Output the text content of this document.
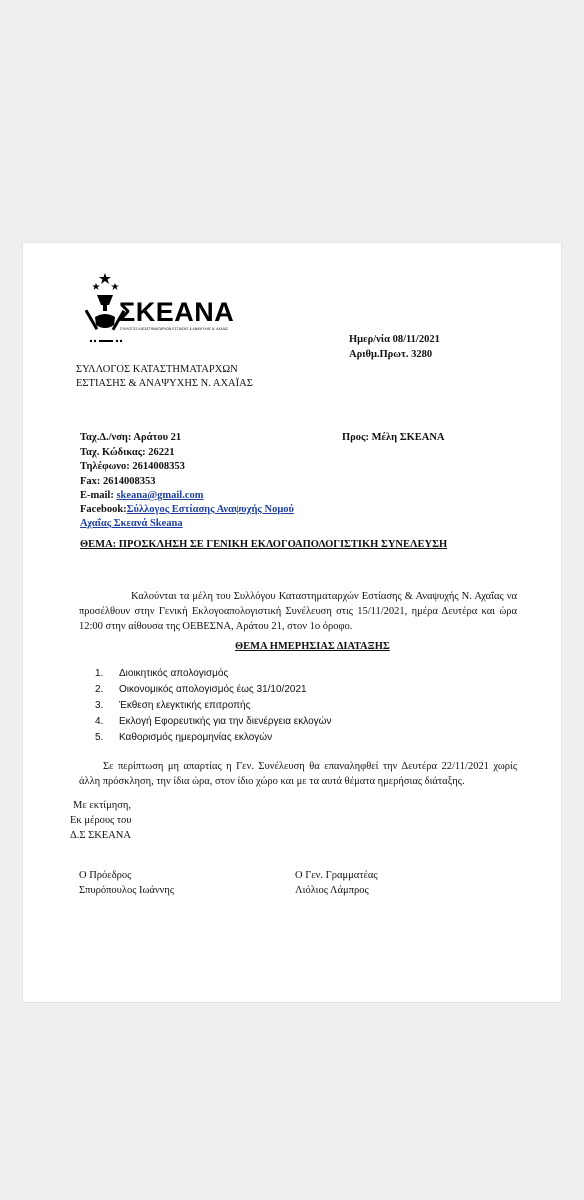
ΣΚΕΑΝΑ
ΣΥΛΛΟΓΟΣ ΚΑΤΑΣΤΗΜΑΤΑΡΧΩΝ ΕΣΤΙΑΣΗΣ & ΑΝΑΨΥΧΗΣ Ν. ΑΧΑΪΑΣ
Ημερ/νία 08/11/2021
Αριθμ.Πρωτ. 3280
ΣΥΛΛΟΓΟΣ ΚΑΤΑΣΤΗΜΑΤΑΡΧΩΝ
ΕΣΤΙΑΣΗΣ & ΑΝΑΨΥΧΗΣ Ν. ΑΧΑΪΑΣ
Ταχ.Δ./νση: Αράτου 21
Ταχ. Κώδικας: 26221
Τηλέφωνο: 2614008353
Fax: 2614008353
E-mail: skeana@gmail.com
Facebook:Σύλλογος Εστίασης Αναψυχής Νομού
Αχαΐας Σκεανά Skeana
Προς: Μέλη ΣΚΕΑΝΑ
ΘΕΜΑ: ΠΡΟΣΚΛΗΣΗ ΣΕ ΓΕΝΙΚΗ ΕΚΛΟΓΟΑΠΟΛΟΓΙΣΤΙΚΗ ΣΥΝΕΛΕΥΣΗ
Καλούνται τα μέλη του Συλλόγου Καταστηματαρχών Εστίασης & Αναψυχής Ν. Αχαΐας να προσέλθουν στην Γενική Εκλογοαπολογιστική Συνέλευση στις 15/11/2021, ημέρα Δευτέρα και ώρα 12:00 στην αίθουσα της ΟΕΒΕΣΝΑ, Αράτου 21, στον 1ο όροφο.
ΘΕΜΑ ΗΜΕΡΗΣΙΑΣ ΔΙΑΤΑΞΗΣ
1. Διοικητικός απολογισμός
2. Οικονομικός απολογισμός έως 31/10/2021
3. Έκθεση ελεγκτικής επιτροπής
4. Εκλογή Εφορευτικής για την διενέργεια εκλογών
5. Καθορισμός ημερομηνίας εκλογών
Σε περίπτωση μη απαρτίας η Γεν. Συνέλευση θα επαναληφθεί την Δευτέρα 22/11/2021 χωρίς άλλη πρόσκληση, την ίδια ώρα, στον ίδιο χώρο και με τα αυτά θέματα ημερήσιας διάταξης.
Με εκτίμηση,
Εκ μέρους του
Δ.Σ ΣΚΕΑΝΑ
Ο Πρόεδρος
Σπυρόπουλος Ιωάννης
Ο Γεν. Γραμματέας
Λιόλιος Λάμπρος
